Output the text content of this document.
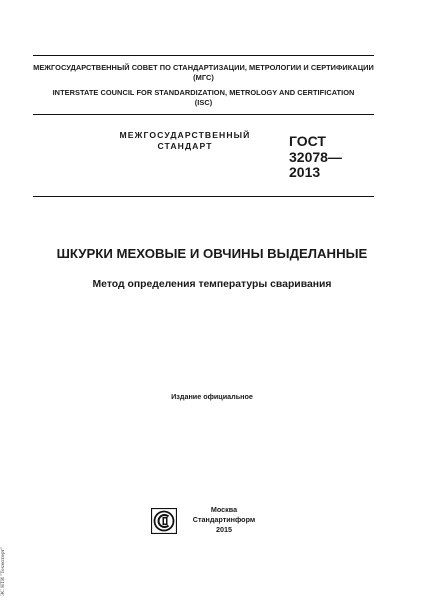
МЕЖГОСУДАРСТВЕННЫЙ СОВЕТ ПО СТАНДАРТИЗАЦИИ, МЕТРОЛОГИИ И СЕРТИФИКАЦИИ
(МГС)
INTERSTATE COUNCIL FOR STANDARDIZATION, METROLOGY AND CERTIFICATION
(ISC)
МЕЖГОСУДАРСТВЕННЫЙ
СТАНДАРТ	ГОСТ
32078—
2013
ШКУРКИ МЕХОВЫЕ И ОВЧИНЫ ВЫДЕЛАННЫЕ
Метод определения температуры сваривания
Издание официальное
Москва
Стандартинформ
2015
ЭС НТИ "Техэксперт"
